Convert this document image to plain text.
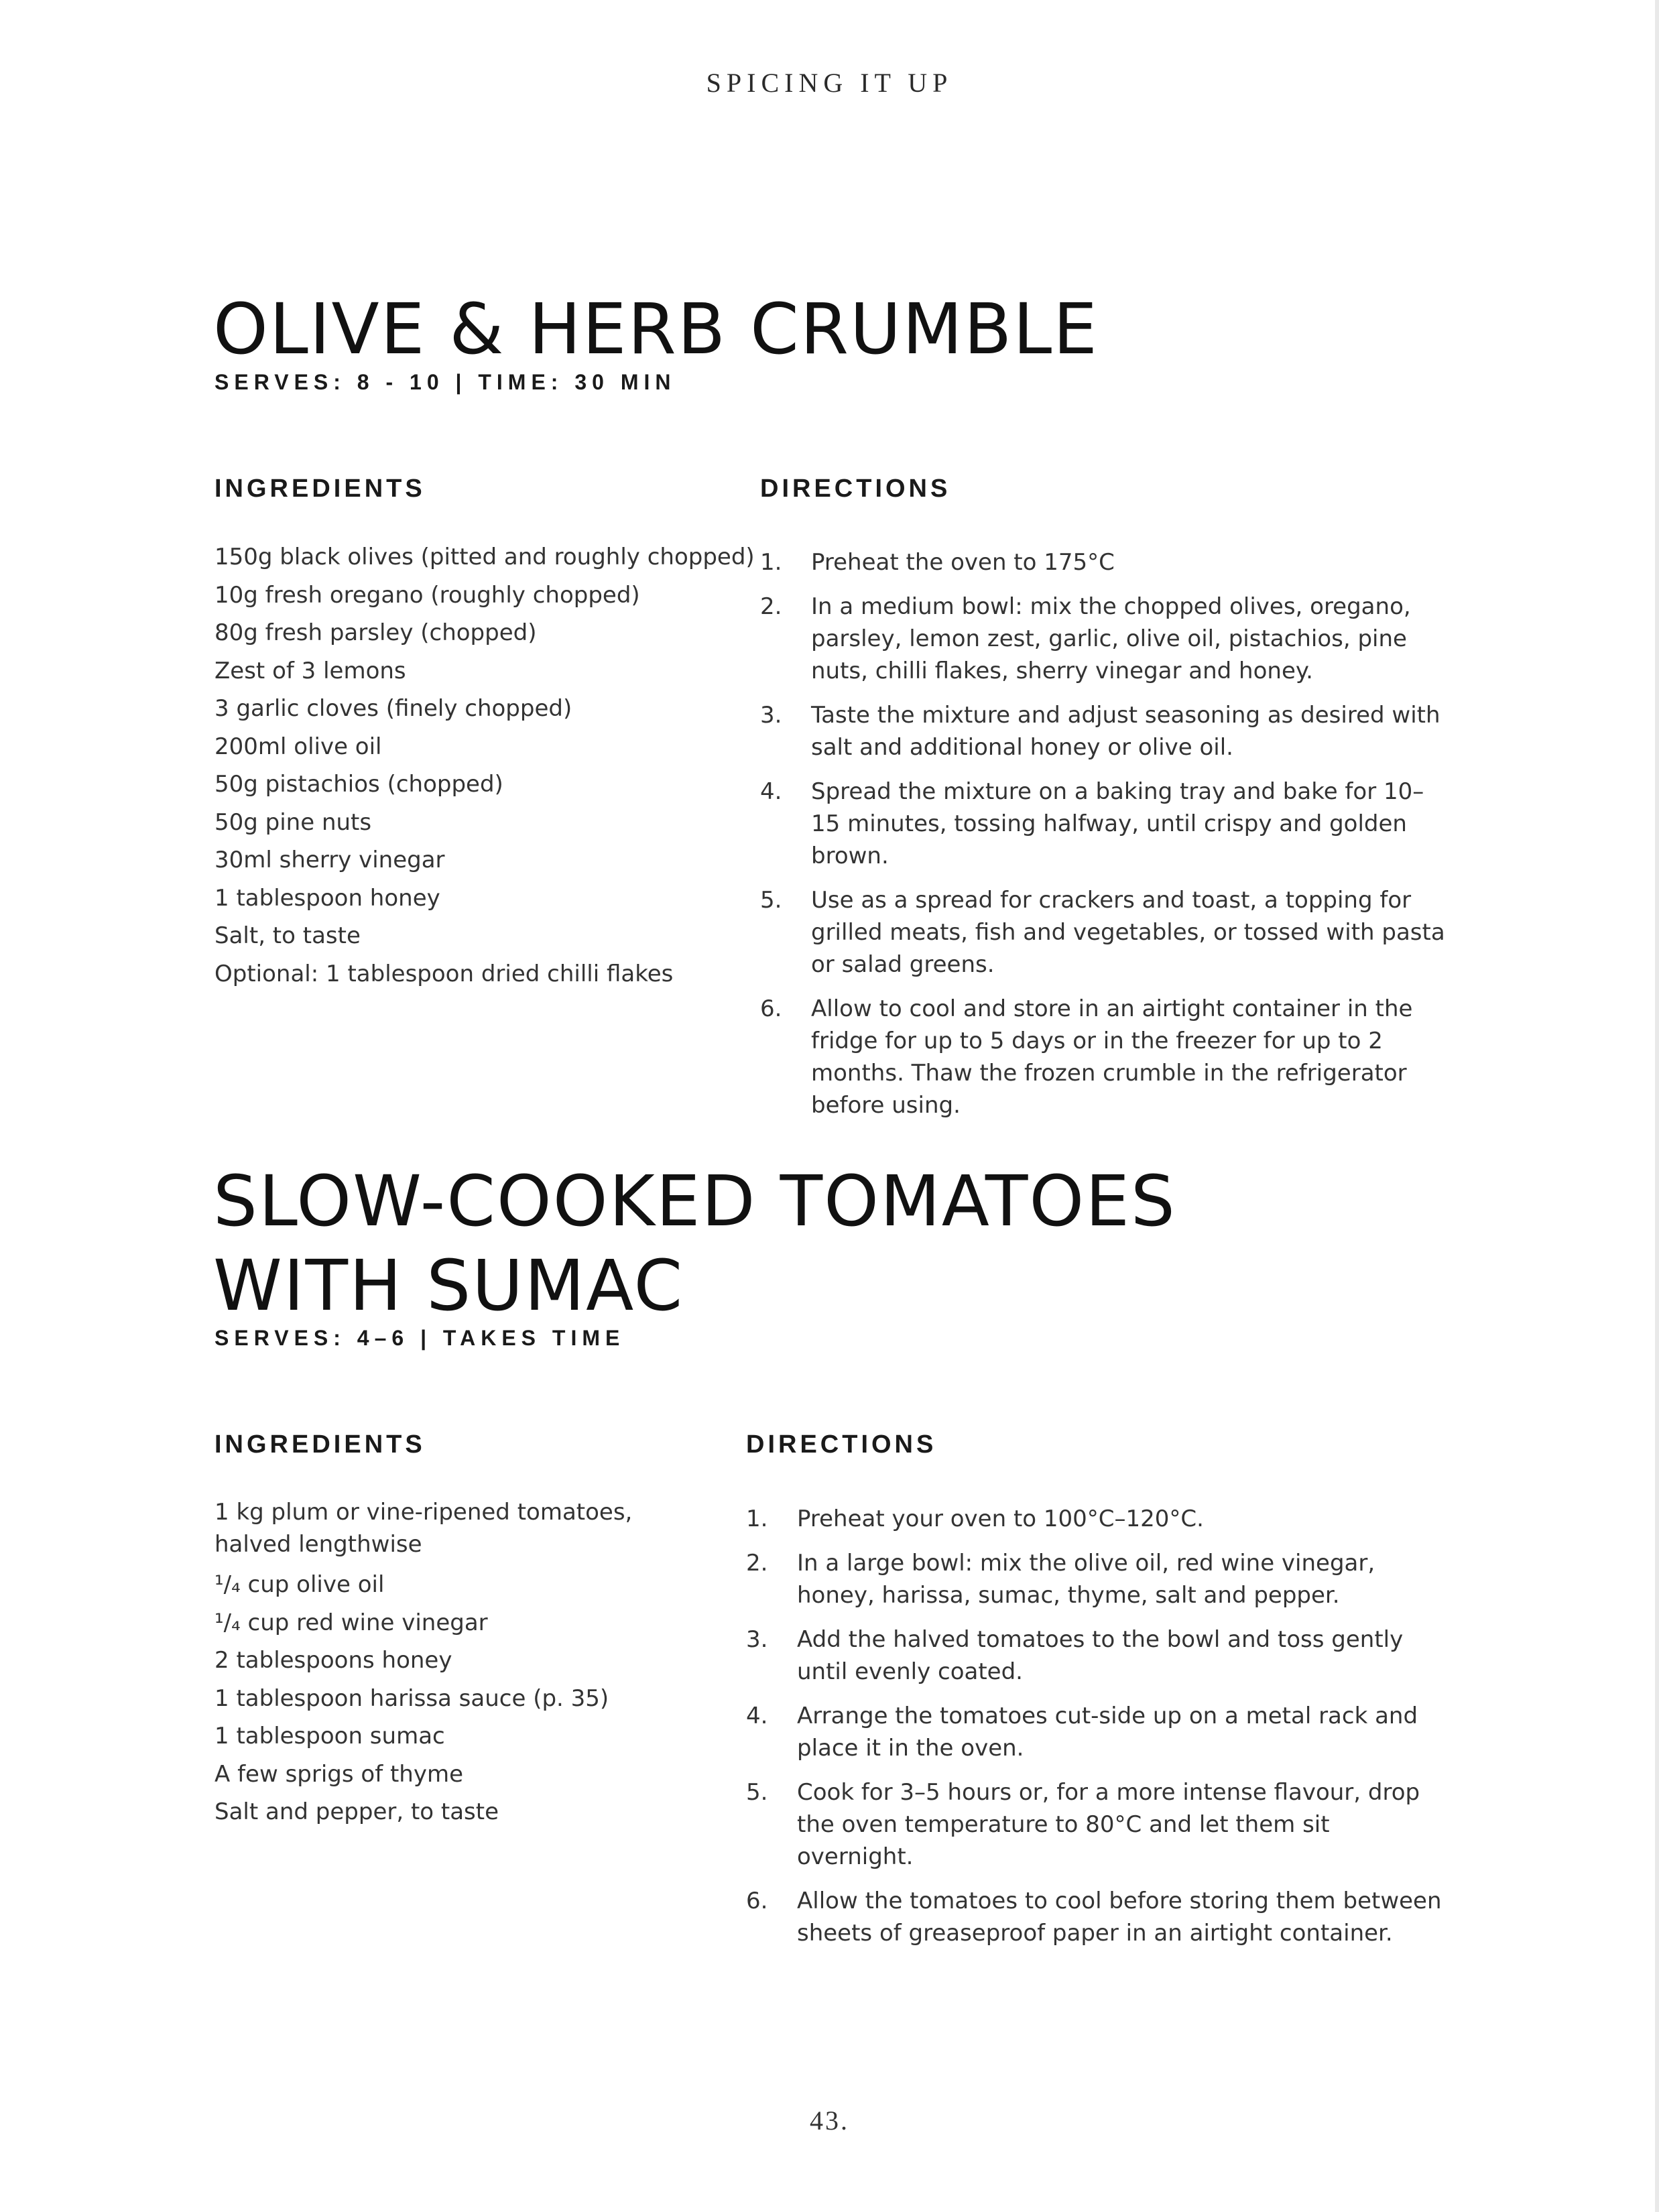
SPICING IT UP
OLIVE & HERB CRUMBLE
SERVES: 8 - 10 | TIME: 30 MIN
INGREDIENTS	DIRECTIONS
150g black olives (pitted and roughly chopped)
10g fresh oregano (roughly chopped)
80g fresh parsley (chopped)
Zest of 3 lemons
3 garlic cloves (finely chopped)
200ml olive oil
50g pistachios (chopped)
50g pine nuts
30ml sherry vinegar
1 tablespoon honey
Salt, to taste
Optional: 1 tablespoon dried chilli flakes
1.	Preheat the oven to 175°C
2.	In a medium bowl: mix the chopped olives, oregano, parsley, lemon zest, garlic, olive oil, pistachios, pine nuts, chilli flakes, sherry vinegar and honey.
3.	Taste the mixture and adjust seasoning as desired with salt and additional honey or olive oil.
4.	Spread the mixture on a baking tray and bake for 10–15 minutes, tossing halfway, until crispy and golden brown.
5.	Use as a spread for crackers and toast, a topping for grilled meats, fish and vegetables, or tossed with pasta or salad greens.
6.	Allow to cool and store in an airtight container in the fridge for up to 5 days or in the freezer for up to 2 months. Thaw the frozen crumble in the refrigerator before using.
SLOW-COOKED TOMATOES
WITH SUMAC
SERVES: 4–6 | TAKES TIME
INGREDIENTS	DIRECTIONS
1 kg plum or vine-ripened tomatoes, halved lengthwise
¹/₄ cup olive oil
¹/₄ cup red wine vinegar
2 tablespoons honey
1 tablespoon harissa sauce (p. 35)
1 tablespoon sumac
A few sprigs of thyme
Salt and pepper, to taste
1.	Preheat your oven to 100°C–120°C.
2.	In a large bowl: mix the olive oil, red wine vinegar, honey, harissa, sumac, thyme, salt and pepper.
3.	Add the halved tomatoes to the bowl and toss gently until evenly coated.
4.	Arrange the tomatoes cut-side up on a metal rack and place it in the oven.
5.	Cook for 3–5 hours or, for a more intense flavour, drop the oven temperature to 80°C and let them sit overnight.
6.	Allow the tomatoes to cool before storing them between sheets of greaseproof paper in an airtight container.
43.
